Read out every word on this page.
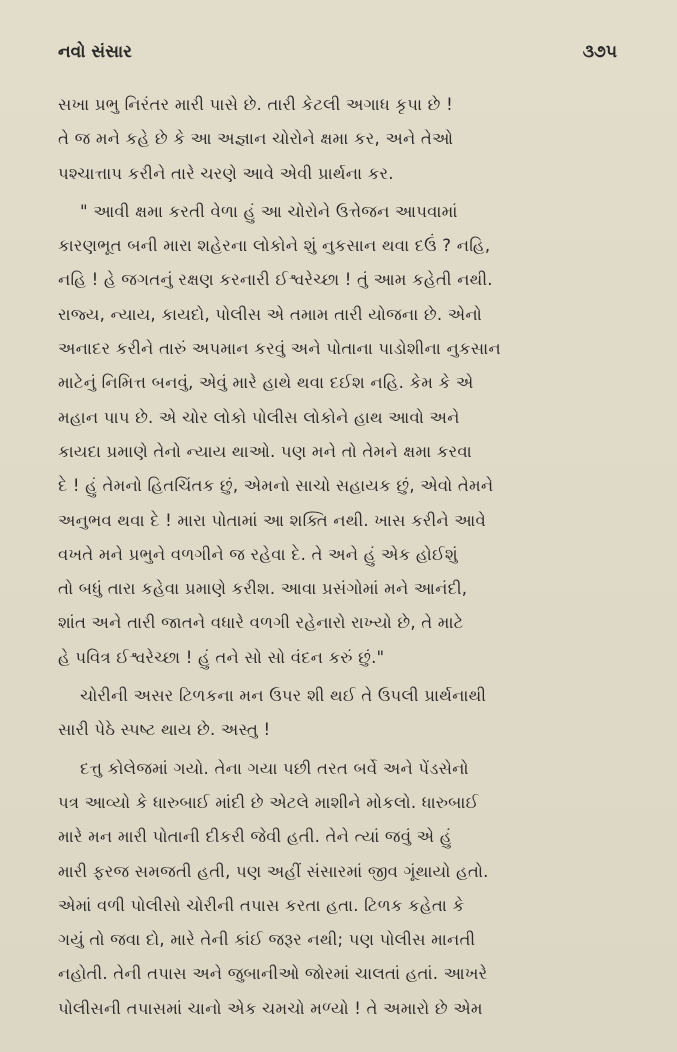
નવો સંસાર	૩૭૫
સખા પ્રભુ નિરંતર મારી પાસે છે. તારી કેટલી અગાધ કૃપા છે !
તે જ મને કહે છે કે આ અજ્ઞાન ચોરોને ક્ષમા કર, અને તેઓ
પશ્ચાત્તાપ કરીને તારે ચરણે આવે એવી પ્રાર્થના કર.
" આવી ક્ષમા કરતી વેળા હું આ ચોરોને ઉત્તેજન આપવામાં
કારણભૂત બની મારા શહેરના લોકોને શું નુકસાન થવા દઉં ? નહિ,
નહિ ! હે જગતનું રક્ષણ કરનારી ઈશ્વરેચ્છા ! તું આમ કહેતી નથી.
રાજ્ય, ન્યાય, કાયદો, પોલીસ એ તમામ તારી યોજના છે. એનો
અનાદર કરીને તારું અપમાન કરવું અને પોતાના પાડોશીના નુકસાન
માટેનું નિમિત્ત બનવું, એવું મારે હાથે થવા દઈશ નહિ. કેમ કે એ
મહાન પાપ છે. એ ચોર લોકો પોલીસ લોકોને હાથ આવો અને
કાયદા પ્રમાણે તેનો ન્યાય થાઓ. પણ મને તો તેમને ક્ષમા કરવા
દે ! હું તેમનો હિતચિંતક છું, એમનો સાચો સહાયક છું, એવો તેમને
અનુભવ થવા દે ! મારા પોતામાં આ શક્તિ નથી. ખાસ કરીને આવે
વખતે મને પ્રભુને વળગીને જ રહેવા દે. તે અને હું એક હોઈશું
તો બધું તારા કહેવા પ્રમાણે કરીશ. આવા પ્રસંગોમાં મને આનંદી,
શાંત અને તારી જાતને વધારે વળગી રહેનારો રાખ્યો છે, તે માટે
હે પવિત્ર ઈશ્વરેચ્છા ! હું તને સો સો વંદન કરું છું."
ચોરીની અસર ટિળકના મન ઉપર શી થઈ તે ઉપલી પ્રાર્થનાથી
સારી પેઠે સ્પષ્ટ થાય છે. અસ્તુ !
દત્તુ કોલેજમાં ગયો. તેના ગયા પછી તરત બર્વે અને પેંડસેનો
પત્ર આવ્યો કે ધારુબાઈ માંદી છે એટલે માશીને મોકલો. ધારુબાઈ
મારે મન મારી પોતાની દીકરી જેવી હતી. તેને ત્યાં જવું એ હું
મારી ફરજ સમજતી હતી, પણ અહીં સંસારમાં જીવ ગૂંથાયો હતો.
એમાં વળી પોલીસો ચોરીની તપાસ કરતા હતા. ટિળક કહેતા કે
ગયું તો જવા દો, મારે તેની કાંઈ જરૂર નથી; પણ પોલીસ માનતી
નહોતી. તેની તપાસ અને જુબાનીઓ જોરમાં ચાલતાં હતાં. આખરે
પોલીસની તપાસમાં ચાનો એક ચમચો મળ્યો ! તે અમારો છે એમ
